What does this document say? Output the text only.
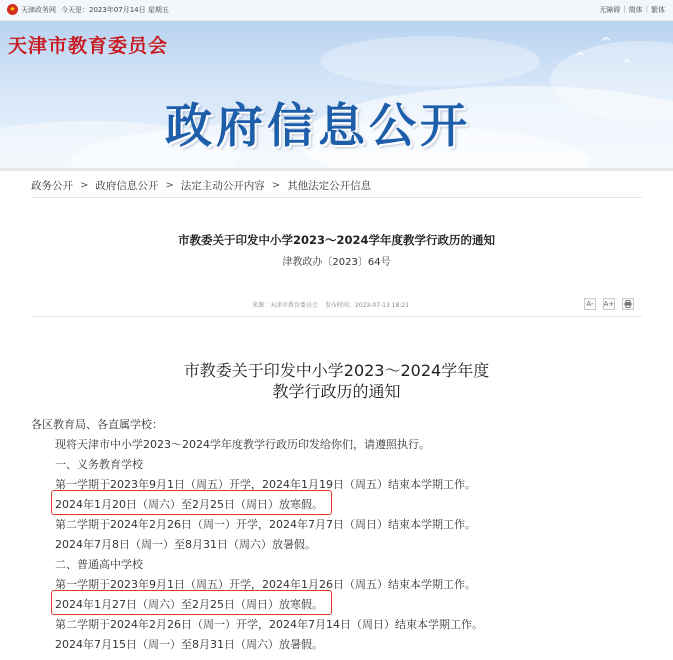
★ 天津政务网 今天是：2023年07月14日 星期五	无障碍 | 简体 | 繁体
天津市教育委员会
政府信息公开
政务公开 > 政府信息公开 > 法定主动公开内容 > 其他法定公开信息
市教委关于印发中小学2023～2024学年度教学行政历的通知
津教政办〔2023〕64号
来源：天津市教育委员会 发布时间：2023-07-13 18:21	A-	A+
市教委关于印发中小学2023～2024学年度
教学行政历的通知
各区教育局、各直属学校：
现将天津市中小学2023～2024学年度教学行政历印发给你们，请遵照执行。
一、义务教育学校
第一学期于2023年9月1日（周五）开学，2024年1月19日（周五）结束本学期工作。
2024年1月20日（周六）至2月25日（周日）放寒假。
第二学期于2024年2月26日（周一）开学，2024年7月7日（周日）结束本学期工作。
2024年7月8日（周一）至8月31日（周六）放暑假。
二、普通高中学校
第一学期于2023年9月1日（周五）开学，2024年1月26日（周五）结束本学期工作。
2024年1月27日（周六）至2月25日（周日）放寒假。
第二学期于2024年2月26日（周一）开学，2024年7月14日（周日）结束本学期工作。
2024年7月15日（周一）至8月31日（周六）放暑假。
